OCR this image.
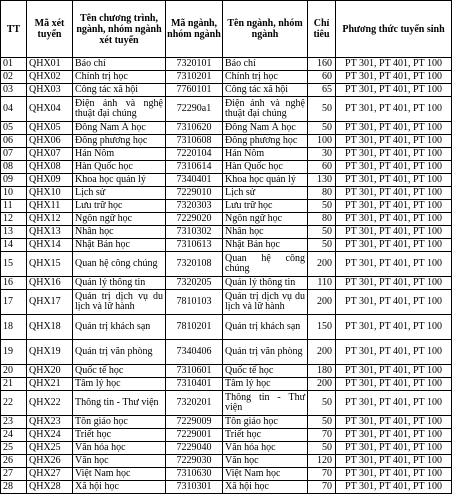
TT	Mã xét tuyển	Tên chương trình, ngành, nhóm ngành xét tuyển	Mã ngành, nhóm ngành	Tên ngành, nhóm ngành	Chỉ tiêu	Phương thức tuyển sinh
01	QHX01	Báo chí	7320101	Báo chí	160	PT 301, PT 401, PT 100
02	QHX02	Chính trị học	7310201	Chính trị học	60	PT 301, PT 401, PT 100
03	QHX03	Công tác xã hội	7760101	Công tác xã hội	65	PT 301, PT 401, PT 100
04	QHX04	Điện ảnh và nghệ thuật đại chúng	72290a1	Điện ảnh và nghệ thuật đại chúng	50	PT 301, PT 401, PT 100
05	QHX05	Đông Nam Á học	7310620	Đông Nam Á học	50	PT 301, PT 401, PT 100
06	QHX06	Đông phương học	7310608	Đông phương học	100	PT 301, PT 401, PT 100
07	QHX07	Hán Nôm	7220104	Hán Nôm	30	PT 301, PT 401, PT 100
08	QHX08	Hàn Quốc học	7310614	Hàn Quốc học	60	PT 301, PT 401, PT 100
09	QHX09	Khoa học quản lý	7340401	Khoa học quản lý	130	PT 301, PT 401, PT 100
10	QHX10	Lịch sử	7229010	Lịch sử	80	PT 301, PT 401, PT 100
11	QHX11	Lưu trữ học	7320303	Lưu trữ học	50	PT 301, PT 401, PT 100
12	QHX12	Ngôn ngữ học	7229020	Ngôn ngữ học	80	PT 301, PT 401, PT 100
13	QHX13	Nhân học	7310302	Nhân học	50	PT 301, PT 401, PT 100
14	QHX14	Nhật Bản học	7310613	Nhật Bản học	50	PT 301, PT 401, PT 100
15	QHX15	Quan hệ công chúng	7320108	Quan hệ công chúng	200	PT 301, PT 401, PT 100
16	QHX16	Quản lý thông tin	7320205	Quản lý thông tin	110	PT 301, PT 401, PT 100
17	QHX17	Quản trị dịch vụ du lịch và lữ hành	7810103	Quản trị dịch vụ du lịch và lữ hành	200	PT 301, PT 401, PT 100
18	QHX18	Quản trị khách sạn	7810201	Quản trị khách sạn	150	PT 301, PT 401, PT 100
19	QHX19	Quản trị văn phòng	7340406	Quản trị văn phòng	200	PT 301, PT 401, PT 100
20	QHX20	Quốc tế học	7310601	Quốc tế học	180	PT 301, PT 401, PT 100
21	QHX21	Tâm lý học	7310401	Tâm lý học	200	PT 301, PT 401, PT 100
22	QHX22	Thông tin - Thư viện	7320201	Thông tin - Thư viện	50	PT 301, PT 401, PT 100
23	QHX23	Tôn giáo học	7229009	Tôn giáo học	50	PT 301, PT 401, PT 100
24	QHX24	Triết học	7229001	Triết học	70	PT 301, PT 401, PT 100
25	QHX25	Văn hóa học	7229040	Văn hóa học	50	PT 301, PT 401, PT 100
26	QHX26	Văn học	7229030	Văn học	120	PT 301, PT 401, PT 100
27	QHX27	Việt Nam học	7310630	Việt Nam học	70	PT 301, PT 401, PT 100
28	QHX28	Xã hội học	7310301	Xã hội học	70	PT 301, PT 401, PT 100
